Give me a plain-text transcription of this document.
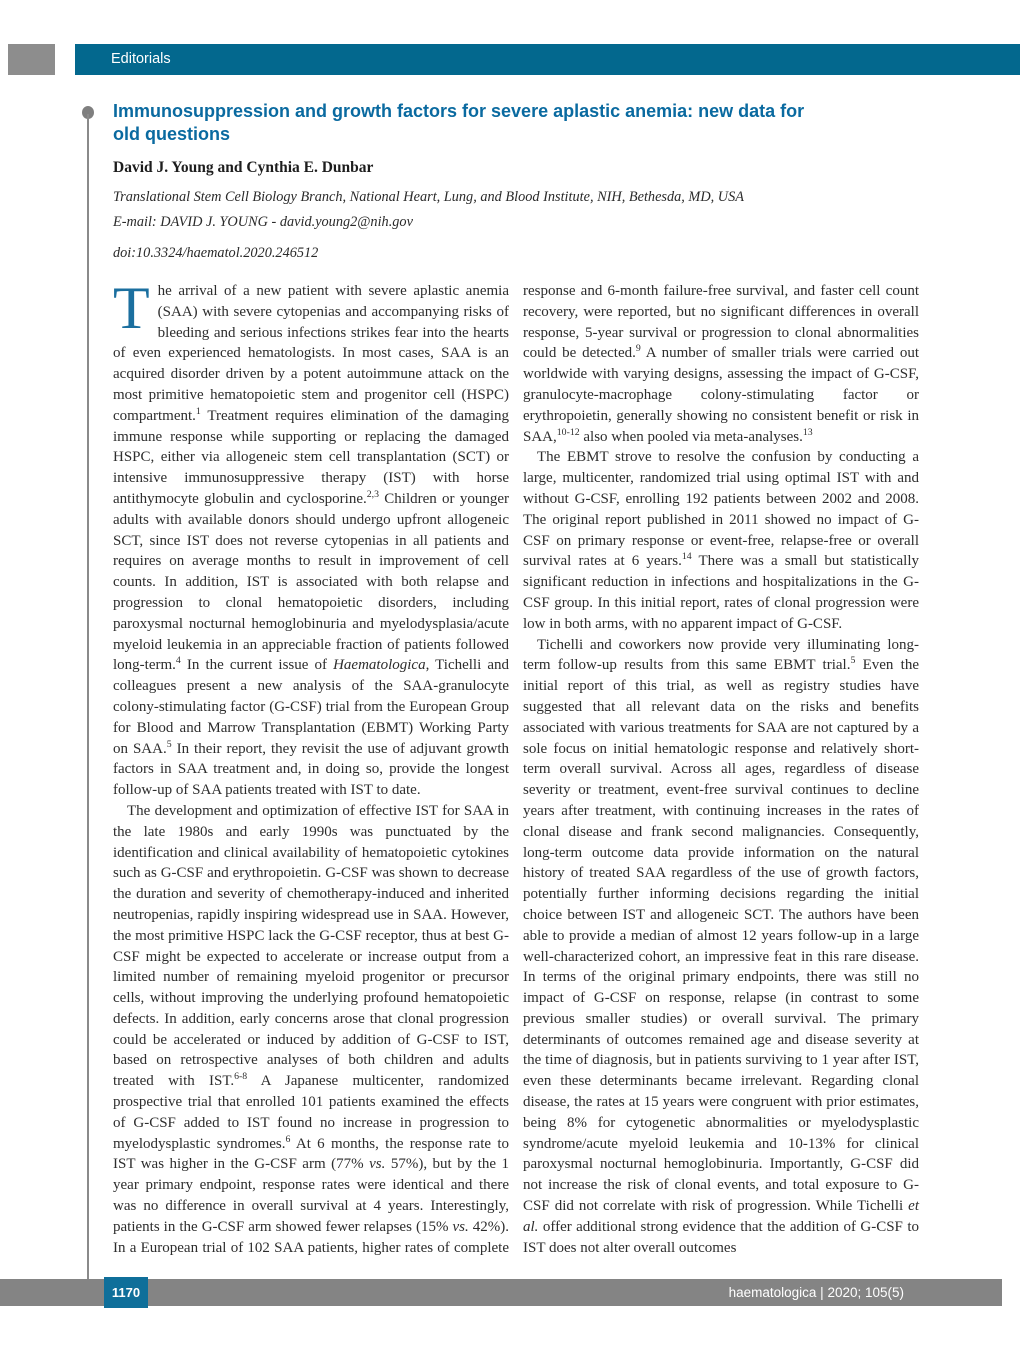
Editorials
Immunosuppression and growth factors for severe aplastic anemia: new data for old questions
David J. Young and Cynthia E. Dunbar
Translational Stem Cell Biology Branch, National Heart, Lung, and Blood Institute, NIH, Bethesda, MD, USA
E-mail: DAVID J. YOUNG - david.young2@nih.gov
doi:10.3324/haematol.2020.246512

The arrival of a new patient with severe aplastic anemia (SAA) with severe cytopenias and accompanying risks of bleeding and serious infections strikes fear into the hearts of even experienced hematologists. In most cases, SAA is an acquired disorder driven by a potent autoimmune attack on the most primitive hematopoietic stem and progenitor cell (HSPC) compartment.$^1$ Treatment requires elimination of the damaging immune response while supporting or replacing the damaged HSPC, either via allogeneic stem cell transplantation (SCT) or intensive immunosuppressive therapy (IST) with horse antithymocyte globulin and cyclosporine.$^{2,3}$ Children or younger adults with available donors should undergo upfront allogeneic SCT, since IST does not reverse cytopenias in all patients and requires on average months to result in improvement of cell counts. In addition, IST is associated with both relapse and progression to clonal hematopoietic disorders, including paroxysmal nocturnal hemoglobinuria and myelodysplasia/acute myeloid leukemia in an appreciable fraction of patients followed long-term.$^4$ In the current issue of Haematologica, Tichelli and colleagues present a new analysis of the SAA-granulocyte colony-stimulating factor (G-CSF) trial from the European Group for Blood and Marrow Transplantation (EBMT) Working Party on SAA.$^5$ In their report, they revisit the use of adjuvant growth factors in SAA treatment and, in doing so, provide the longest follow-up of SAA patients treated with IST to date.

The development and optimization of effective IST for SAA in the late 1980s and early 1990s was punctuated by the identification and clinical availability of hematopoietic cytokines such as G-CSF and erythropoietin. G-CSF was shown to decrease the duration and severity of chemotherapy-induced and inherited neutropenias, rapidly inspiring widespread use in SAA. However, the most primitive HSPC lack the G-CSF receptor, thus at best G-CSF might be expected to accelerate or increase output from a limited number of remaining myeloid progenitor or precursor cells, without improving the underlying profound hematopoietic defects. In addition, early concerns arose that clonal progression could be accelerated or induced by addition of G-CSF to IST, based on retrospective analyses of both children and adults treated with IST.$^{6-8}$ A Japanese multicenter, randomized prospective trial that enrolled 101 patients examined the effects of G-CSF added to IST found no increase in progression to myelodysplastic syndromes.$^6$ At 6 months, the response rate to IST was higher in the G-CSF arm (77% vs. 57%), but by the 1 year primary endpoint, response rates were identical and there was no difference in overall survival at 4 years. Interestingly, patients in the G-CSF arm showed fewer relapses (15% vs. 42%). In a European trial of 102 SAA patients, higher rates of complete response and 6-month failure-free survival, and faster cell count recovery, were reported, but no significant differences in overall response, 5-year survival or progression to clonal abnormalities could be detected.$^9$ A number of smaller trials were carried out worldwide with varying designs, assessing the impact of G-CSF, granulocyte-macrophage colony-stimulating factor or erythropoietin, generally showing no consistent benefit or risk in SAA,$^{10-12}$ also when pooled via meta-analyses.$^{13}$

The EBMT strove to resolve the confusion by conducting a large, multicenter, randomized trial using optimal IST with and without G-CSF, enrolling 192 patients between 2002 and 2008. The original report published in 2011 showed no impact of G-CSF on primary response or event-free, relapse-free or overall survival rates at 6 years.$^{14}$ There was a small but statistically significant reduction in infections and hospitalizations in the G-CSF group. In this initial report, rates of clonal progression were low in both arms, with no apparent impact of G-CSF.

Tichelli and coworkers now provide very illuminating long-term follow-up results from this same EBMT trial.$^5$ Even the initial report of this trial, as well as registry studies have suggested that all relevant data on the risks and benefits associated with various treatments for SAA are not captured by a sole focus on initial hematologic response and relatively short-term overall survival. Across all ages, regardless of disease severity or treatment, event-free survival continues to decline years after treatment, with continuing increases in the rates of clonal disease and frank second malignancies. Consequently, long-term outcome data provide information on the natural history of treated SAA regardless of the use of growth factors, potentially further informing decisions regarding the initial choice between IST and allogeneic SCT. The authors have been able to provide a median of almost 12 years follow-up in a large well-characterized cohort, an impressive feat in this rare disease. In terms of the original primary endpoints, there was still no impact of G-CSF on response, relapse (in contrast to some previous smaller studies) or overall survival. The primary determinants of outcomes remained age and disease severity at the time of diagnosis, but in patients surviving to 1 year after IST, even these determinants became irrelevant. Regarding clonal disease, the rates at 15 years were congruent with prior estimates, being 8% for cytogenetic abnormalities or myelodysplastic syndrome/acute myeloid leukemia and 10-13% for clinical paroxysmal nocturnal hemoglobinuria. Importantly, G-CSF did not increase the risk of clonal events, and total exposure to G-CSF did not correlate with risk of progression. While Tichelli et al. offer additional strong evidence that the addition of G-CSF to IST does not alter overall outcomes

haematologica | 2020; 105(5)
1170
